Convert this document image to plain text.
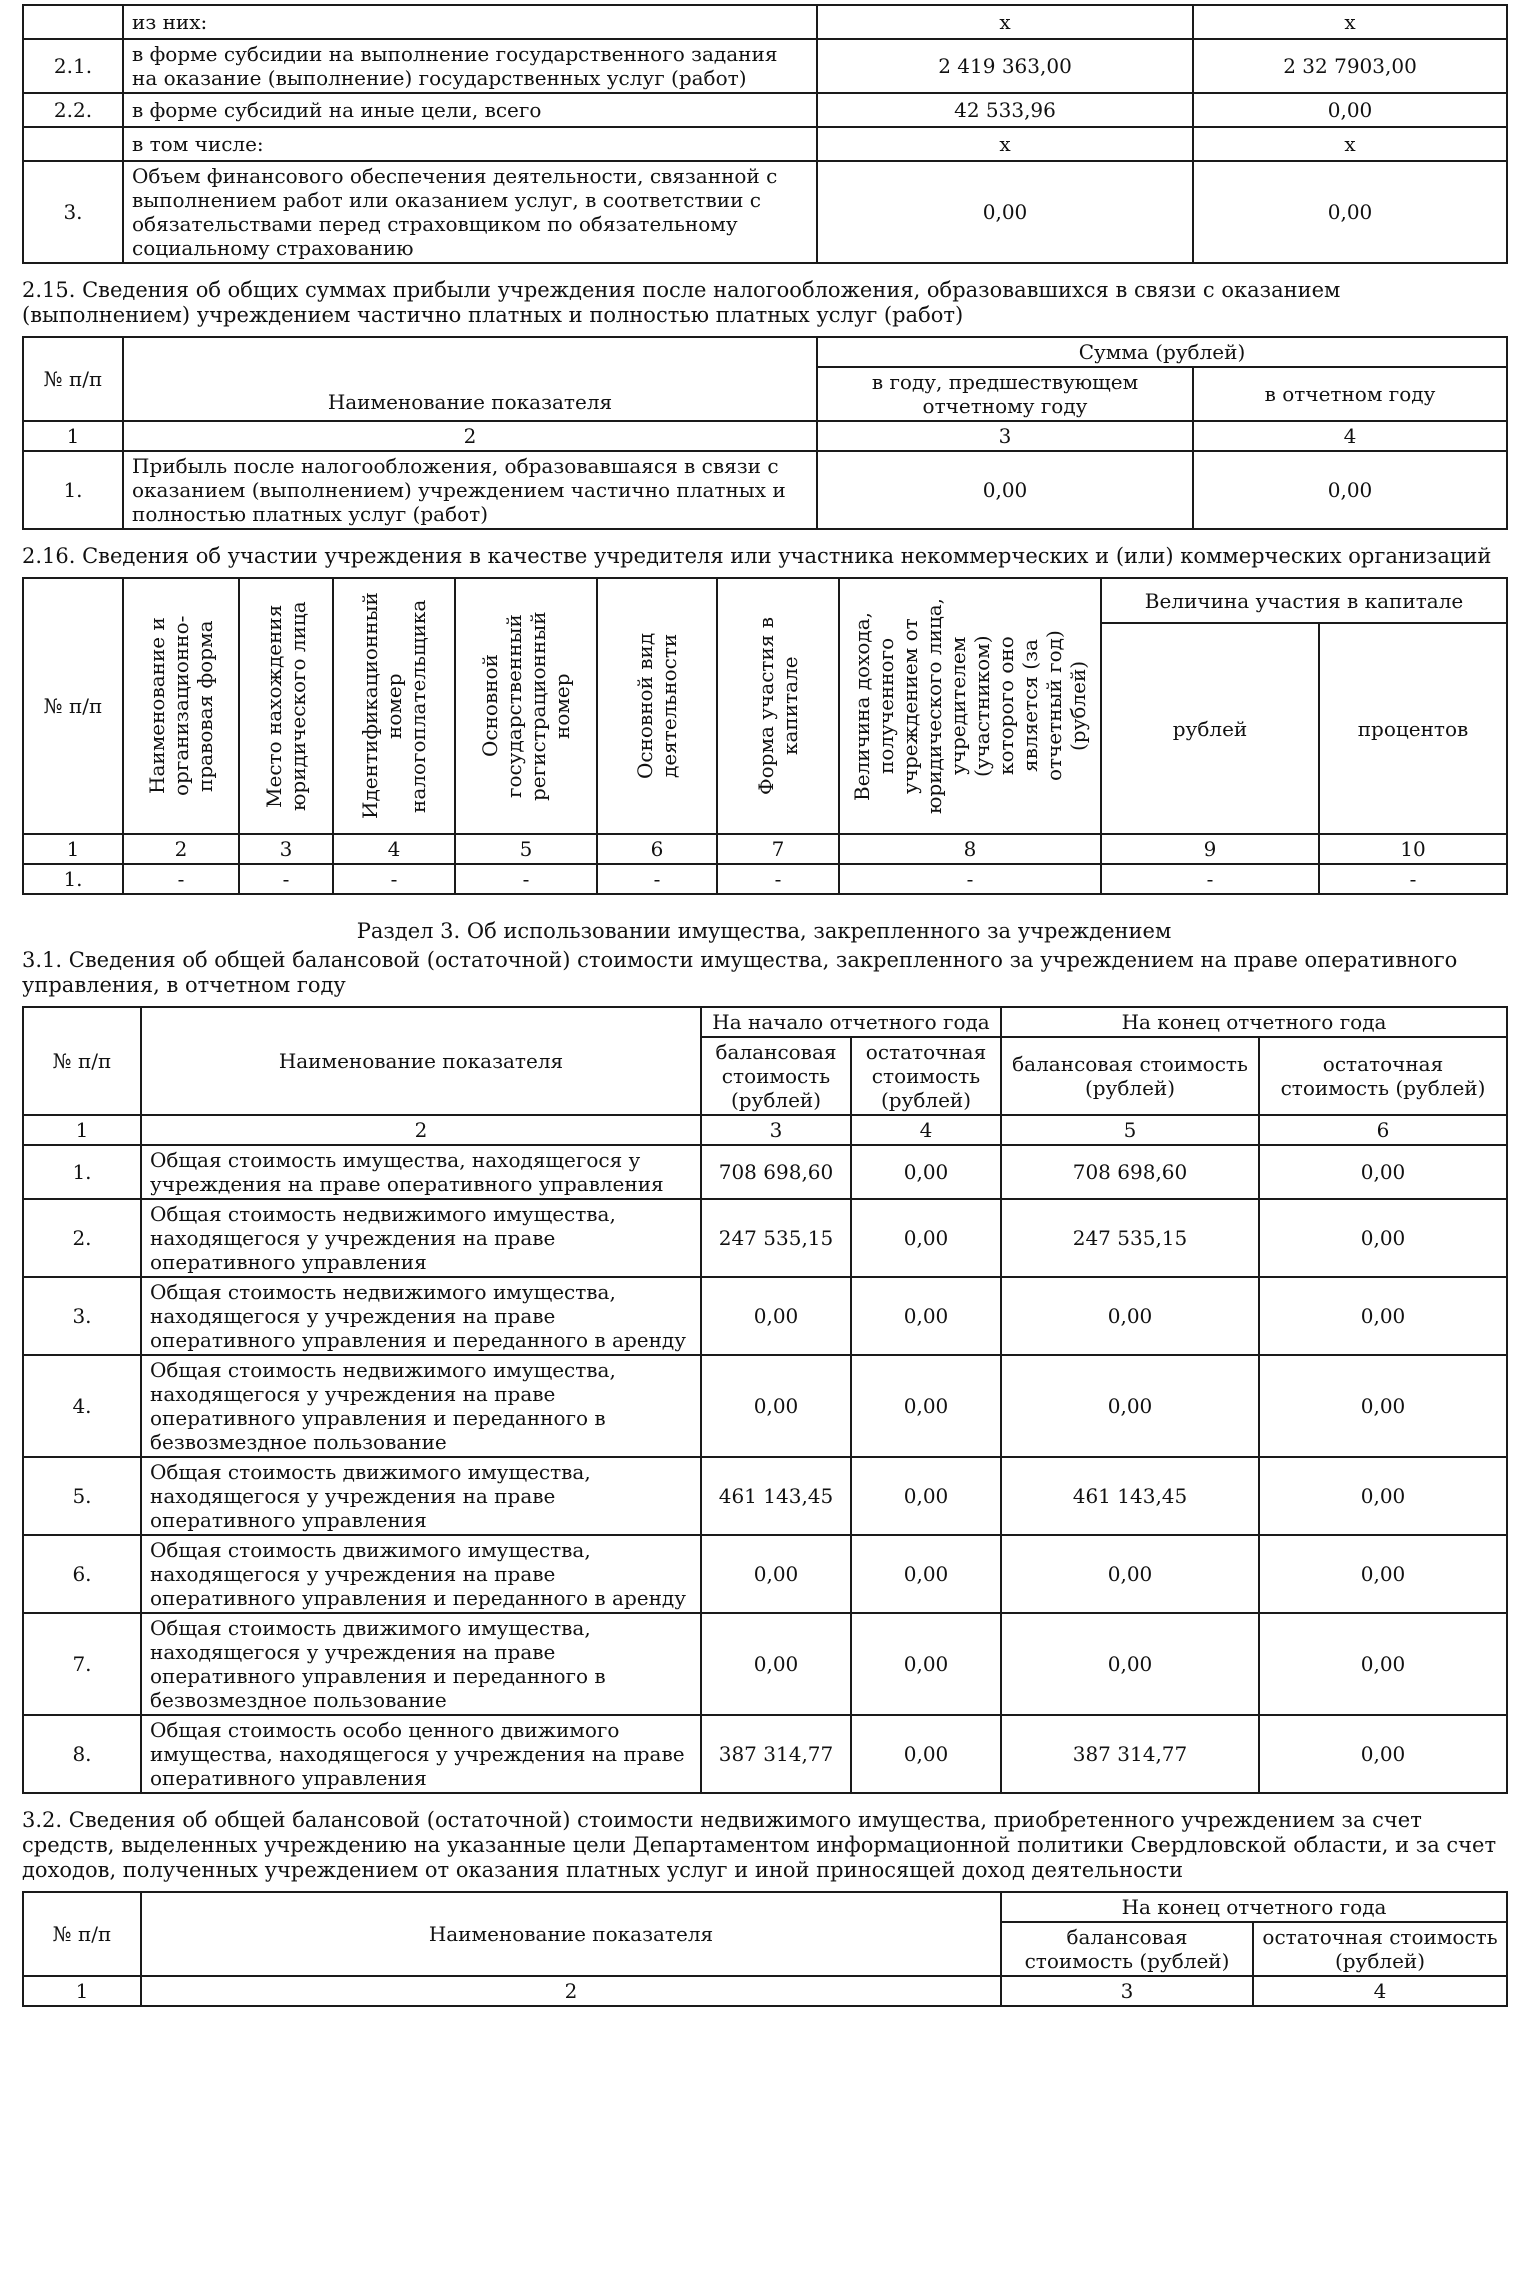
	из них:	х	х
2.1.	в форме субсидии на выполнение государственного задания на оказание (выполнение) государственных услуг (работ)	2 419 363,00	2 32 7903,00
2.2.	в форме субсидий на иные цели, всего	42 533,96	0,00
	в том числе:	х	х
3.	Объем финансового обеспечения деятельности, связанной с выполнением работ или оказанием услуг, в соответствии с обязательствами перед страховщиком по обязательному социальному страхованию	0,00	0,00
2.15. Сведения об общих суммах прибыли учреждения после налогообложения, образовавшихся в связи с оказанием (выполнением) учреждением частично платных и полностью платных услуг (работ)
№ п/п	Наименование показателя	Сумма (рублей)	
		в году, предшествующем отчетному году	в отчетном году
1	2	3	4
1.	Прибыль после налогообложения, образовавшаяся в связи с оказанием (выполнением) учреждением частично платных и полностью платных услуг (работ)	0,00	0,00
2.16. Сведения об участии учреждения в качестве учредителя или участника некоммерческих и (или) коммерческих организаций
№ п/п	Наименование и организационно-правовая форма	Место нахождения юридического лица	Идентификационный номер налогоплательщика	Основной государственный регистрационный номер	Основной вид деятельности	Форма участия в капитале	Величина дохода, полученного учреждением от юридического лица, учредителем (участником) которого оно является (за отчетный год) (рублей)	Величина участия в капитале	
								рублей	процентов
1	2	3	4	5	6	7	8	9	10
1.	-	-	-	-	-	-	-	-	-
Раздел 3. Об использовании имущества, закрепленного за учреждением
3.1. Сведения об общей балансовой (остаточной) стоимости имущества, закрепленного за учреждением на праве оперативного управления, в отчетном году
№ п/п	Наименование показателя	На начало отчетного года		На конец отчетного года	
		балансовая стоимость (рублей)	остаточная стоимость (рублей)	балансовая стоимость (рублей)	остаточная стоимость (рублей)
1	2	3	4	5	6
1.	Общая стоимость имущества, находящегося у учреждения на праве оперативного управления	708 698,60	0,00	708 698,60	0,00
2.	Общая стоимость недвижимого имущества, находящегося у учреждения на праве оперативного управления	247 535,15	0,00	247 535,15	0,00
3.	Общая стоимость недвижимого имущества, находящегося у учреждения на праве оперативного управления и переданного в аренду	0,00	0,00	0,00	0,00
4.	Общая стоимость недвижимого имущества, находящегося у учреждения на праве оперативного управления и переданного в безвозмездное пользование	0,00	0,00	0,00	0,00
5.	Общая стоимость движимого имущества, находящегося у учреждения на праве оперативного управления	461 143,45	0,00	461 143,45	0,00
6.	Общая стоимость движимого имущества, находящегося у учреждения на праве оперативного управления и переданного в аренду	0,00	0,00	0,00	0,00
7.	Общая стоимость движимого имущества, находящегося у учреждения на праве оперативного управления и переданного в безвозмездное пользование	0,00	0,00	0,00	0,00
8.	Общая стоимость особо ценного движимого имущества, находящегося у учреждения на праве оперативного управления	387 314,77	0,00	387 314,77	0,00
3.2. Сведения об общей балансовой (остаточной) стоимости недвижимого имущества, приобретенного учреждением за счет средств, выделенных учреждению на указанные цели Департаментом информационной политики Свердловской области, и за счет доходов, полученных учреждением от оказания платных услуг и иной приносящей доход деятельности
№ п/п	Наименование показателя	На конец отчетного года	
		балансовая стоимость (рублей)	остаточная стоимость (рублей)
1	2	3	4
